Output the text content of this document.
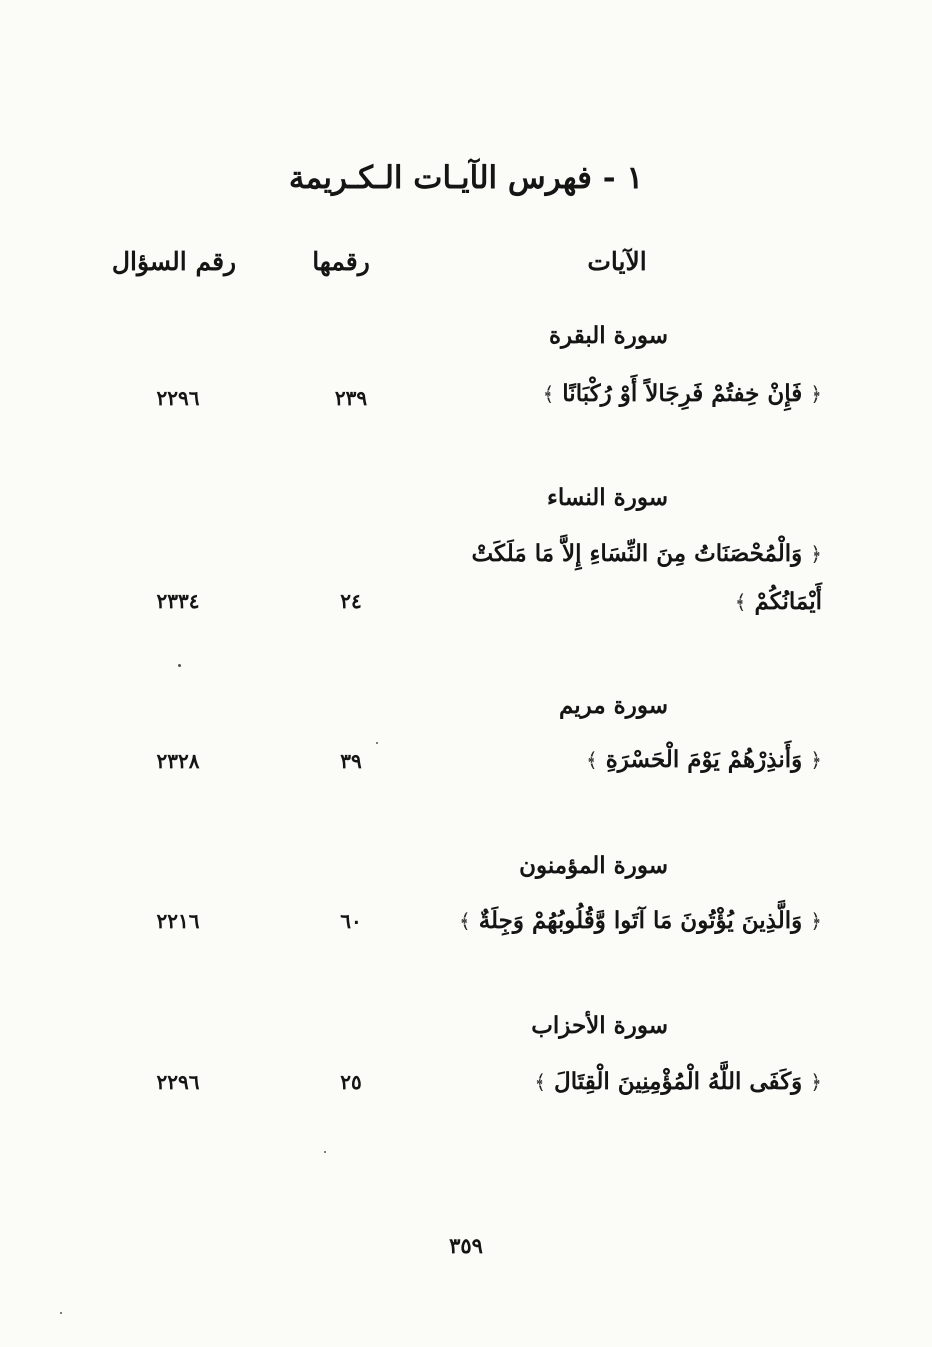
١ - فهرس الآيـات الـكـريمة
الآيات
رقمها
رقم السؤال
سورة البقرة
﴿ فَإِنْ خِفتُمْ فَرِجَالاً أَوْ رُكْبَانًا ﴾
٢٣٩
٢٢٩٦
سورة النساء
﴿ وَالْمُحْصَنَاتُ مِنَ النِّسَاءِ إِلاَّ مَا مَلَكَتْ أَيْمَانُكُمْ ﴾
٢٤
٢٣٣٤
سورة مريم
﴿ وَأَنذِرْهُمْ يَوْمَ الْحَسْرَةِ ﴾
٣٩
٢٣٢٨
سورة المؤمنون
﴿ وَالَّذِينَ يُؤْتُونَ مَا آتَوا وَّقُلُوبُهُمْ وَجِلَةٌ ﴾
٦٠
٢٢١٦
سورة الأحزاب
﴿ وَكَفَى اللَّهُ الْمُؤْمِنِينَ الْقِتَالَ ﴾
٢٥
٢٢٩٦
٣٥٩
